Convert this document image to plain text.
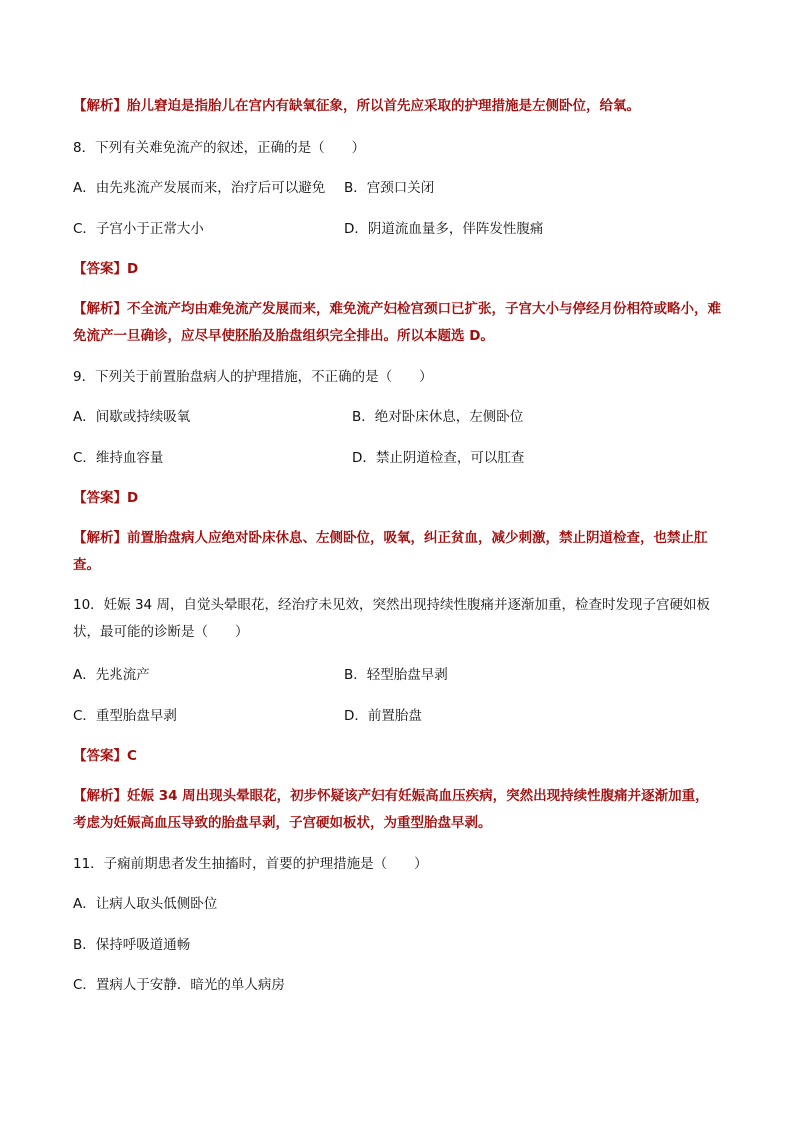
【解析】胎儿窘迫是指胎儿在宫内有缺氧征象，所以首先应采取的护理措施是左侧卧位，给氧。
8．下列有关难免流产的叙述，正确的是（　　）
A．由先兆流产发展而来，治疗后可以避免 B．宫颈口关闭
C．子宫小于正常大小	D．阴道流血量多，伴阵发性腹痛
【答案】D
【解析】不全流产均由难免流产发展而来，难免流产妇检宫颈口已扩张，子宫大小与停经月份相符或略小，难免流产一旦确诊，应尽早使胚胎及胎盘组织完全排出。所以本题选 D。
9．下列关于前置胎盘病人的护理措施，不正确的是（　　）
A．间歇或持续吸氧	B．绝对卧床休息，左侧卧位
C．维持血容量	D．禁止阴道检查，可以肛查
【答案】D
【解析】前置胎盘病人应绝对卧床休息、左侧卧位，吸氧，纠正贫血，减少刺激，禁止阴道检查，也禁止肛查。
10．妊娠 34 周，自觉头晕眼花，经治疗未见效，突然出现持续性腹痛并逐渐加重，检查时发现子宫硬如板状，最可能的诊断是（　　）
A．先兆流产	B．轻型胎盘早剥
C．重型胎盘早剥	D．前置胎盘
【答案】C
【解析】妊娠 34 周出现头晕眼花，初步怀疑该产妇有妊娠高血压疾病，突然出现持续性腹痛并逐渐加重，考虑为妊娠高血压导致的胎盘早剥，子宫硬如板状，为重型胎盘早剥。
11．子痫前期患者发生抽搐时，首要的护理措施是（　　）
A．让病人取头低侧卧位
B．保持呼吸道通畅
C．置病人于安静．暗光的单人病房
